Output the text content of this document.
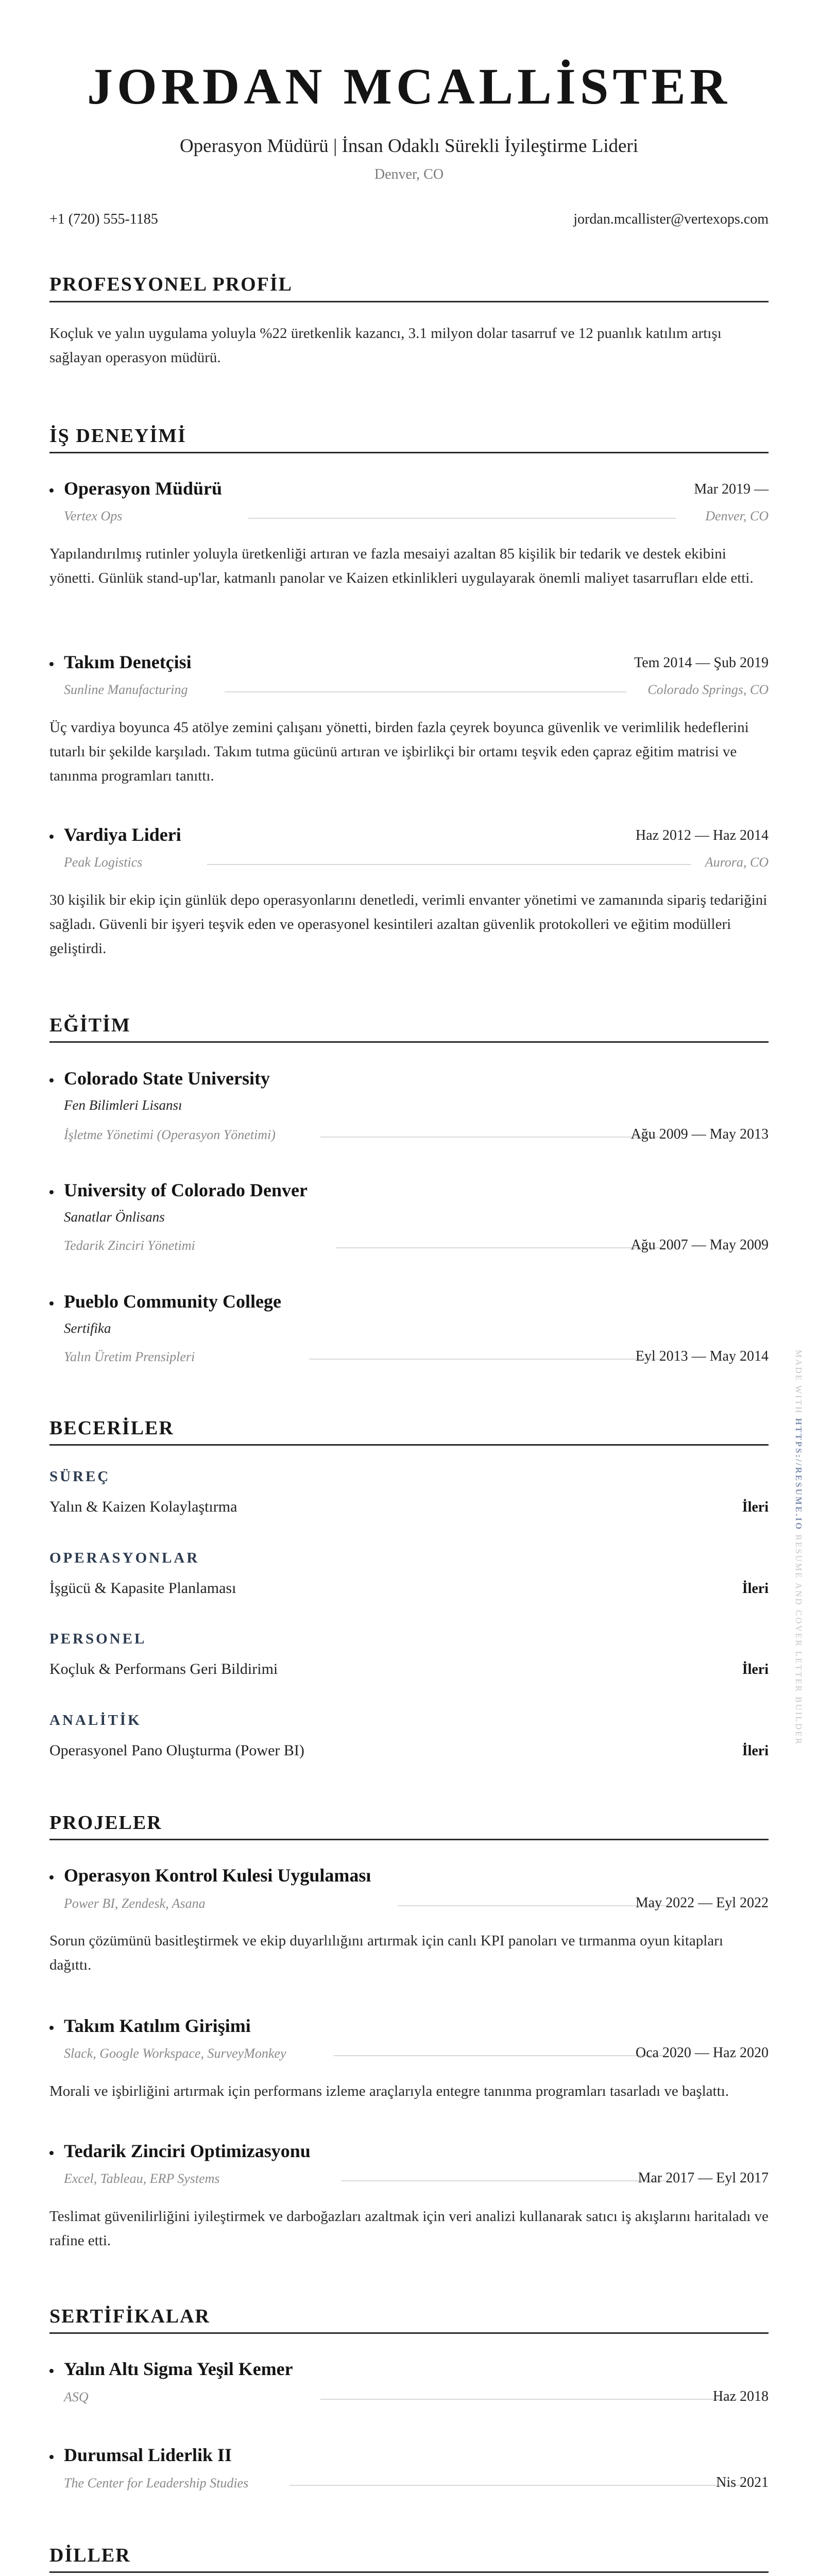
JORDAN MCALLİSTER
Operasyon Müdürü | İnsan Odaklı Sürekli İyileştirme Lideri
Denver, CO
+1 (720) 555-1185	jordan.mcallister@vertexops.com
PROFESYONEL PROFİL
Koçluk ve yalın uygulama yoluyla %22 üretkenlik kazancı, 3.1 milyon dolar tasarruf ve 12 puanlık katılım artışı sağlayan operasyon müdürü.
İŞ DENEYİMİ
Operasyon Müdürü	Mar 2019 —
Vertex Ops	Denver, CO
Yapılandırılmış rutinler yoluyla üretkenliği artıran ve fazla mesaiyi azaltan 85 kişilik bir tedarik ve destek ekibini yönetti. Günlük stand-up'lar, katmanlı panolar ve Kaizen etkinlikleri uygulayarak önemli maliyet tasarrufları elde etti.
Takım Denetçisi	Tem 2014 — Şub 2019
Sunline Manufacturing	Colorado Springs, CO
Üç vardiya boyunca 45 atölye zemini çalışanı yönetti, birden fazla çeyrek boyunca güvenlik ve verimlilik hedeflerini tutarlı bir şekilde karşıladı. Takım tutma gücünü artıran ve işbirlikçi bir ortamı teşvik eden çapraz eğitim matrisi ve tanınma programları tanıttı.
Vardiya Lideri	Haz 2012 — Haz 2014
Peak Logistics	Aurora, CO
30 kişilik bir ekip için günlük depo operasyonlarını denetledi, verimli envanter yönetimi ve zamanında sipariş tedariğini sağladı. Güvenli bir işyeri teşvik eden ve operasyonel kesintileri azaltan güvenlik protokolleri ve eğitim modülleri geliştirdi.
EĞİTİM
Colorado State University
Fen Bilimleri Lisansı
İşletme Yönetimi (Operasyon Yönetimi)	Ağu 2009 — May 2013
University of Colorado Denver
Sanatlar Önlisans
Tedarik Zinciri Yönetimi	Ağu 2007 — May 2009
Pueblo Community College
Sertifika
Yalın Üretim Prensipleri	Eyl 2013 — May 2014
BECERİLER
SÜREÇ
Yalın & Kaizen Kolaylaştırma	İleri
OPERASYONLAR
İşgücü & Kapasite Planlaması	İleri
PERSONEL
Koçluk & Performans Geri Bildirimi	İleri
ANALİTİK
Operasyonel Pano Oluşturma (Power BI)	İleri
PROJELER
Operasyon Kontrol Kulesi Uygulaması
Power BI, Zendesk, Asana	May 2022 — Eyl 2022
Sorun çözümünü basitleştirmek ve ekip duyarlılığını artırmak için canlı KPI panoları ve tırmanma oyun kitapları dağıttı.
Takım Katılım Girişimi
Slack, Google Workspace, SurveyMonkey	Oca 2020 — Haz 2020
Morali ve işbirliğini artırmak için performans izleme araçlarıyla entegre tanınma programları tasarladı ve başlattı.
Tedarik Zinciri Optimizasyonu
Excel, Tableau, ERP Systems	Mar 2017 — Eyl 2017
Teslimat güvenilirliğini iyileştirmek ve darboğazları azaltmak için veri analizi kullanarak satıcı iş akışlarını haritaladı ve rafine etti.
SERTİFİKALAR
Yalın Altı Sigma Yeşil Kemer
ASQ	Haz 2018
Durumsal Liderlik II
The Center for Leadership Studies	Nis 2021
DİLLER
MADE WITH HTTPS://RESUME.IO RESUME AND COVER LETTER BUILDER
